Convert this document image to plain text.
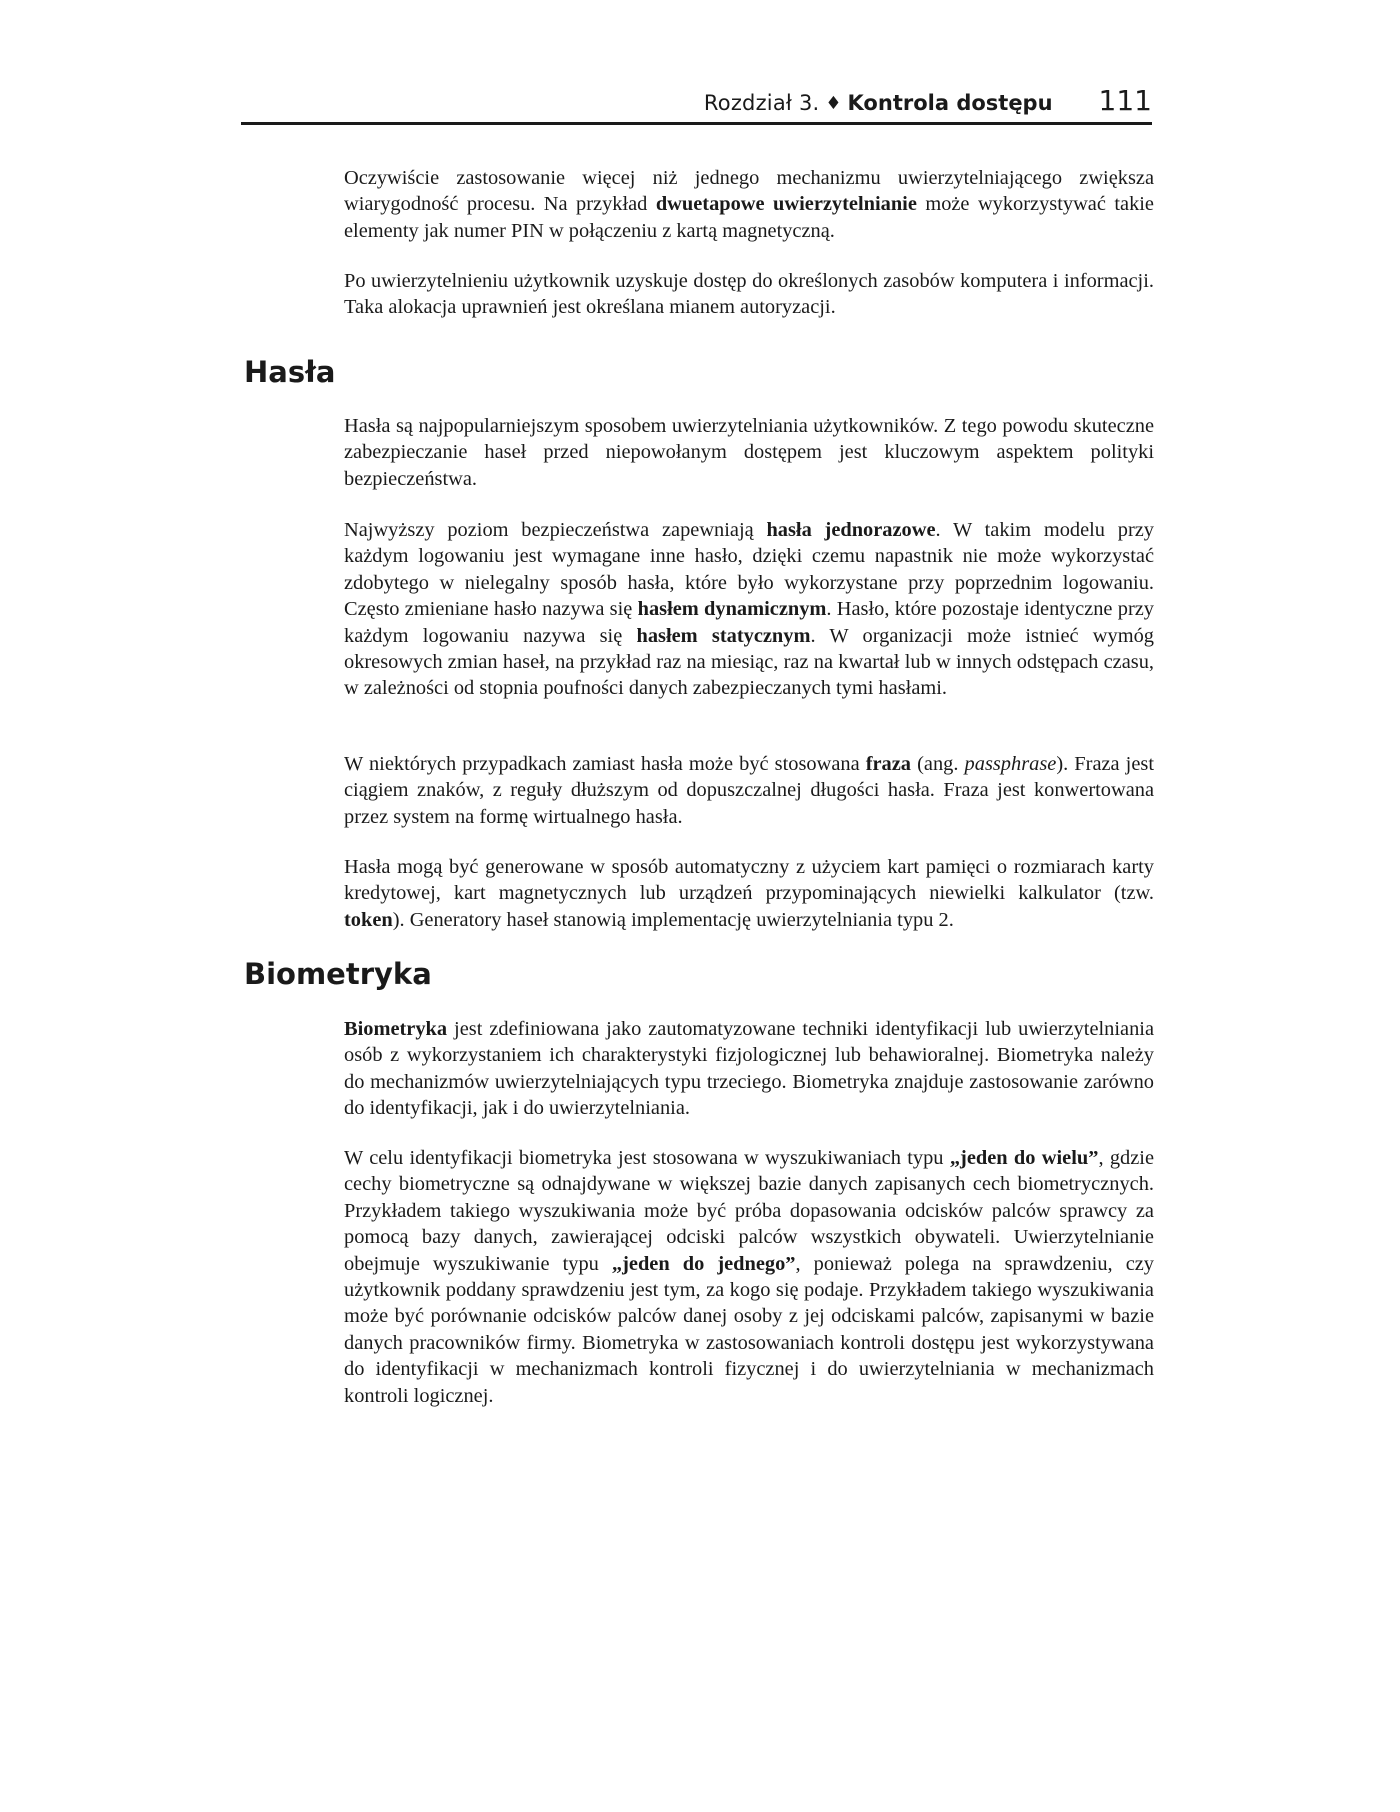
Rozdział 3. ♦ Kontrola dostępu 111

Oczywiście zastosowanie więcej niż jednego mechanizmu uwierzytelniającego zwiększa wiarygodność procesu. Na przykład dwuetapowe uwierzytelnianie może wykorzystywać takie elementy jak numer PIN w połączeniu z kartą magnetyczną.

Po uwierzytelnieniu użytkownik uzyskuje dostęp do określonych zasobów komputera i informacji. Taka alokacja uprawnień jest określana mianem autoryzacji.

Hasła

Hasła są najpopularniejszym sposobem uwierzytelniania użytkowników. Z tego powodu skuteczne zabezpieczanie haseł przed niepowołanym dostępem jest kluczowym aspektem polityki bezpieczeństwa.

Najwyższy poziom bezpieczeństwa zapewniają hasła jednorazowe. W takim modelu przy każdym logowaniu jest wymagane inne hasło, dzięki czemu napastnik nie może wykorzystać zdobytego w nielegalny sposób hasła, które było wykorzystane przy poprzednim logowaniu. Często zmieniane hasło nazywa się hasłem dynamicznym. Hasło, które pozostaje identyczne przy każdym logowaniu nazywa się hasłem statycznym. W organizacji może istnieć wymóg okresowych zmian haseł, na przykład raz na miesiąc, raz na kwartał lub w innych odstępach czasu, w zależności od stopnia poufności danych zabezpieczanych tymi hasłami.

W niektórych przypadkach zamiast hasła może być stosowana fraza (ang. passphrase). Fraza jest ciągiem znaków, z reguły dłuższym od dopuszczalnej długości hasła. Fraza jest konwertowana przez system na formę wirtualnego hasła.

Hasła mogą być generowane w sposób automatyczny z użyciem kart pamięci o rozmiarach karty kredytowej, kart magnetycznych lub urządzeń przypominających niewielki kalkulator (tzw. token). Generatory haseł stanowią implementację uwierzytelniania typu 2.

Biometryka

Biometryka jest zdefiniowana jako zautomatyzowane techniki identyfikacji lub uwierzytelniania osób z wykorzystaniem ich charakterystyki fizjologicznej lub behawioralnej. Biometryka należy do mechanizmów uwierzytelniających typu trzeciego. Biometryka znajduje zastosowanie zarówno do identyfikacji, jak i do uwierzytelniania.

W celu identyfikacji biometryka jest stosowana w wyszukiwaniach typu „jeden do wielu”, gdzie cechy biometryczne są odnajdywane w większej bazie danych zapisanych cech biometrycznych. Przykładem takiego wyszukiwania może być próba dopasowania odcisków palców sprawcy za pomocą bazy danych, zawierającej odciski palców wszystkich obywateli. Uwierzytelnianie obejmuje wyszukiwanie typu „jeden do jednego”, ponieważ polega na sprawdzeniu, czy użytkownik poddany sprawdzeniu jest tym, za kogo się podaje. Przykładem takiego wyszukiwania może być porównanie odcisków palców danej osoby z jej odciskami palców, zapisanymi w bazie danych pracowników firmy. Biometryka w zastosowaniach kontroli dostępu jest wykorzystywana do identyfikacji w mechanizmach kontroli fizycznej i do uwierzytelniania w mechanizmach kontroli logicznej.
